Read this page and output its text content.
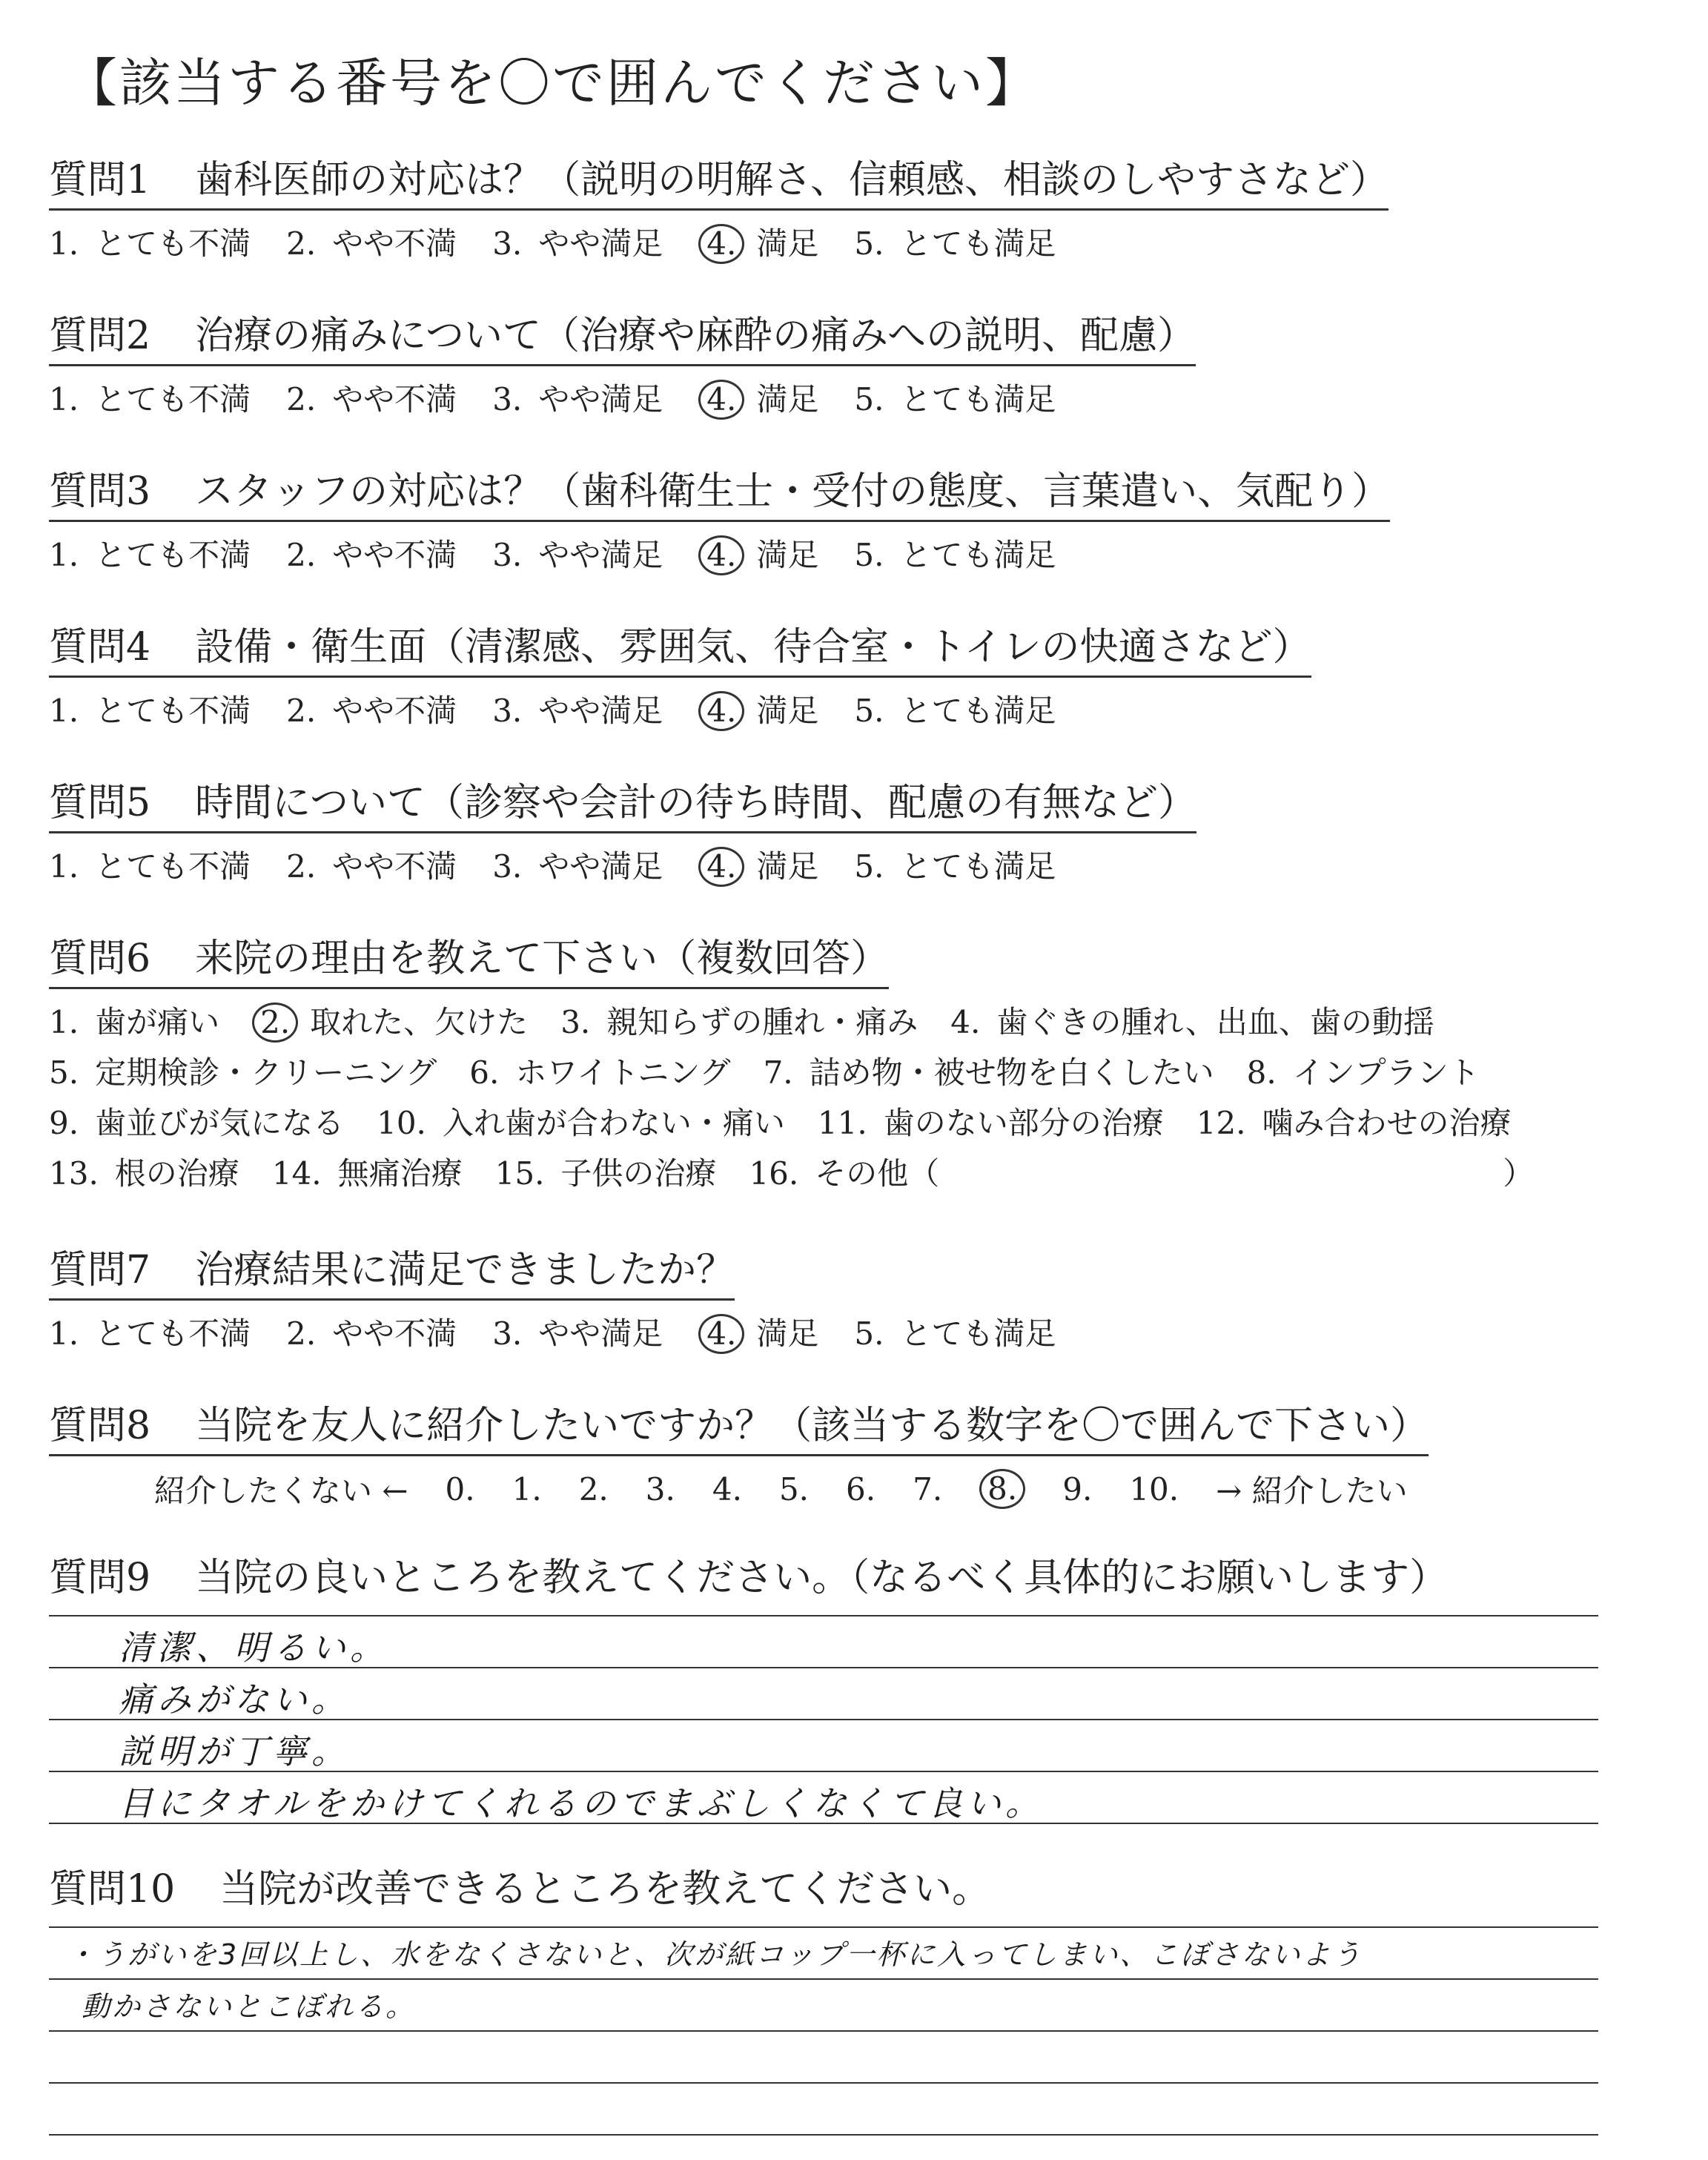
【該当する番号を〇で囲んでください】
質問1 歯科医師の対応は？（説明の明解さ、信頼感、相談のしやすさなど）
1. とても不満 2. やや不満 3. やや満足 4. 満足 5. とても満足
質問2 治療の痛みについて（治療や麻酔の痛みへの説明、配慮）
1. とても不満 2. やや不満 3. やや満足 4. 満足 5. とても満足
質問3 スタッフの対応は？（歯科衛生士・受付の態度、言葉遣い、気配り）
1. とても不満 2. やや不満 3. やや満足 4. 満足 5. とても満足
質問4 設備・衛生面（清潔感、雰囲気、待合室・トイレの快適さなど）
1. とても不満 2. やや不満 3. やや満足 4. 満足 5. とても満足
質問5 時間について（診察や会計の待ち時間、配慮の有無など）
1. とても不満 2. やや不満 3. やや満足 4. 満足 5. とても満足
質問6 来院の理由を教えて下さい（複数回答）
1. 歯が痛い 2. 取れた、欠けた 3. 親知らずの腫れ・痛み 4. 歯ぐきの腫れ、出血、歯の動揺
5. 定期検診・クリーニング 6. ホワイトニング 7. 詰め物・被せ物を白くしたい 8. インプラント
9. 歯並びが気になる 10. 入れ歯が合わない・痛い 11. 歯のない部分の治療 12. 噛み合わせの治療
13. 根の治療 14. 無痛治療 15. 子供の治療 16. その他（	）
質問7 治療結果に満足できましたか？
1. とても不満 2. やや不満 3. やや満足 4. 満足 5. とても満足
質問8 当院を友人に紹介したいですか？（該当する数字を〇で囲んで下さい）
紹介したくない ← 0. 1. 2. 3. 4. 5. 6. 7. 8. 9. 10. → 紹介したい
質問9 当院の良いところを教えてください。（なるべく具体的にお願いします）
清潔、明るい。
痛みがない。
説明が丁寧。
目にタオルをかけてくれるのでまぶしくなくて良い。
質問10 当院が改善できるところを教えてください。
・うがいを3回以上し、水をなくさないと、次が紙コップ一杯に入ってしまい、こぼさないよう
動かさないとこぼれる。
